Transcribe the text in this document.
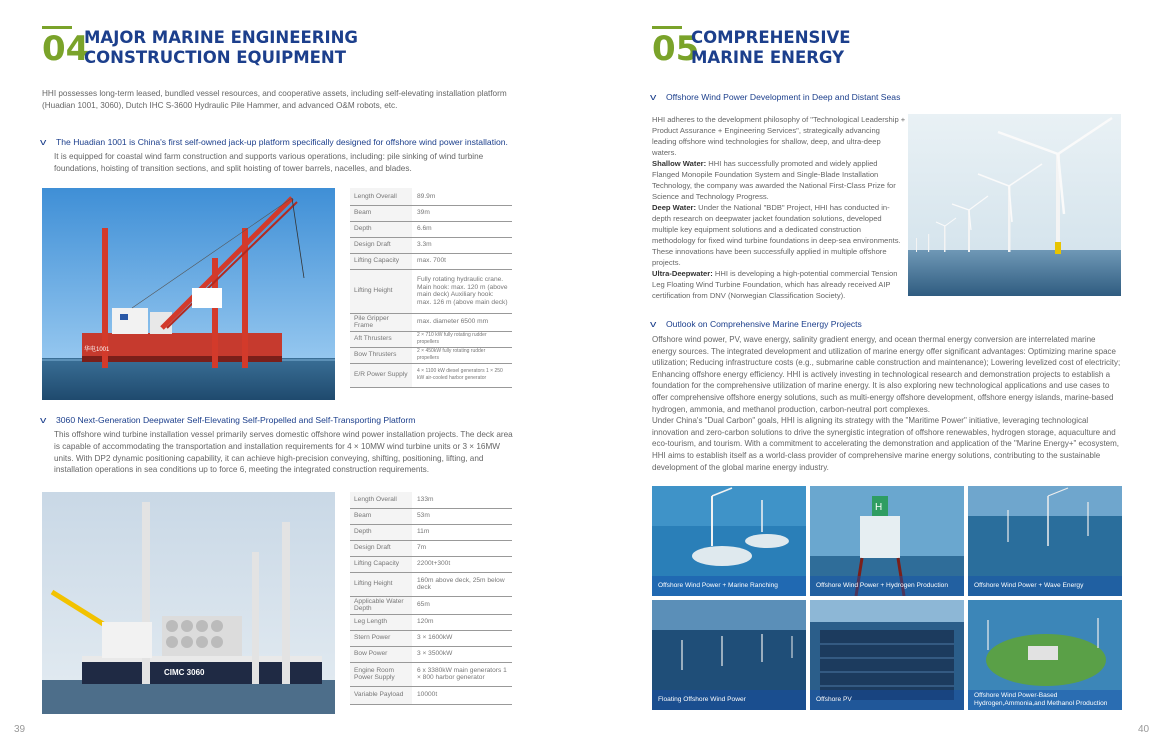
04
MAJOR MARINE ENGINEERING
CONSTRUCTION EQUIPMENT
HHI possesses long-term leased, bundled vessel resources, and cooperative assets, including self-elevating installation platform (Huadian 1001, 3060), Dutch IHC S-3600 Hydraulic Pile Hammer, and advanced O&M robots, etc.
v The Huadian 1001 is China's first self-owned jack-up platform specifically designed for offshore wind power installation.
It is equipped for coastal wind farm construction and supports various operations, including: pile sinking of wind turbine foundations, hoisting of transition sections, and split hoisting of tower barrels, nacelles, and blades.
华电1001
Length Overall	89.9m
Beam	39m
Depth	6.6m
Design Draft	3.3m
Lifting Capacity	max. 700t
Lifting Height	Fully rotating hydraulic crane. Main hook: max. 120 m (above main deck) Auxiliary hook: max. 126 m (above main deck)
Pile Gripper Frame	max. diameter 6500 mm
Aft Thrusters	2 × 710 kW fully rotating rudder propellers
Bow Thrusters	2 × 450kW fully rotating rudder propellers
E/R Power Supply	4 × 1100 kW diesel generators 1 × 250 kW air-cooled harbor generator
v 3060 Next-Generation Deepwater Self-Elevating Self-Propelled and Self-Transporting Platform
This offshore wind turbine installation vessel primarily serves domestic offshore wind power installation projects. The deck area is capable of accommodating the transportation and installation requirements for 4 × 10MW wind turbine units or 3 × 16MW units. With DP2 dynamic positioning capability, it can achieve high-precision conveying, shifting, positioning, lifting, and installation operations in sea conditions up to force 6, meeting the integrated construction requirements.
CIMC 3060
Length Overall	133m
Beam	53m
Depth	11m
Design Draft	7m
Lifting Capacity	2200t+300t
Lifting Height	160m above deck, 25m below deck
Applicable Water Depth	65m
Leg Length	120m
Stern Power	3 × 1600kW
Bow Power	3 × 3500kW
Engine Room Power Supply	6 x 3380kW main generators 1 × 800 harbor generator
Variable Payload	10000t
39
05
COMPREHENSIVE
MARINE ENERGY
v Offshore Wind Power Development in Deep and Distant Seas
HHI adheres to the development philosophy of "Technological Leadership + Product Assurance + Engineering Services", strategically advancing leading offshore wind technologies for shallow, deep, and ultra-deep waters.
Shallow Water: HHI has successfully promoted and widely applied Flanged Monopile Foundation System and Single-Blade Installation Technology, the company was awarded the National First-Class Prize for Science and Technology Progress.
Deep Water: Under the National "BDB" Project, HHI has conducted in-depth research on deepwater jacket foundation solutions, developed multiple key equipment solutions and a dedicated construction methodology for fixed wind turbine foundations in deep-sea environments. These innovations have been successfully applied in multiple offshore projects.
Ultra-Deepwater: HHI is developing a high-potential commercial Tension Leg Floating Wind Turbine Foundation, which has already received AIP certification from DNV (Norwegian Classification Society).
v Outlook on Comprehensive Marine Energy Projects
Offshore wind power, PV, wave energy, salinity gradient energy, and ocean thermal energy conversion are interrelated marine energy sources. The integrated development and utilization of marine energy offer significant advantages: Optimizing marine space utilization; Reducing infrastructure costs (e.g., submarine cable construction and maintenance); Lowering levelized cost of electricity; Enhancing offshore energy efficiency. HHI is actively investing in technological research and demonstration projects to establish a foundation for the comprehensive utilization of marine energy. It is also exploring new technological applications and use cases to offer comprehensive offshore energy solutions, such as multi-energy offshore development, offshore energy islands, marine-based hydrogen, ammonia, and methanol production, carbon-neutral port complexes.
Under China's "Dual Carbon" goals, HHI is aligning its strategy with the "Maritime Power" initiative, leveraging technological innovation and zero-carbon solutions to drive the synergistic integration of offshore renewables, hydrogen storage, aquaculture and eco-tourism, and tourism. With a commitment to accelerating the demonstration and application of the "Marine Energy+" ecosystem, HHI aims to establish itself as a world-class provider of comprehensive marine energy solutions, contributing to the sustainable development of the global marine energy industry.
Offshore Wind Power + Marine Ranching
H
Offshore Wind Power + Hydrogen Production	Offshore Wind Power + Wave Energy
Floating Offshore Wind Power	Offshore PV
Offshore Wind Power-Based Hydrogen,Ammonia,and Methanol Production
40
